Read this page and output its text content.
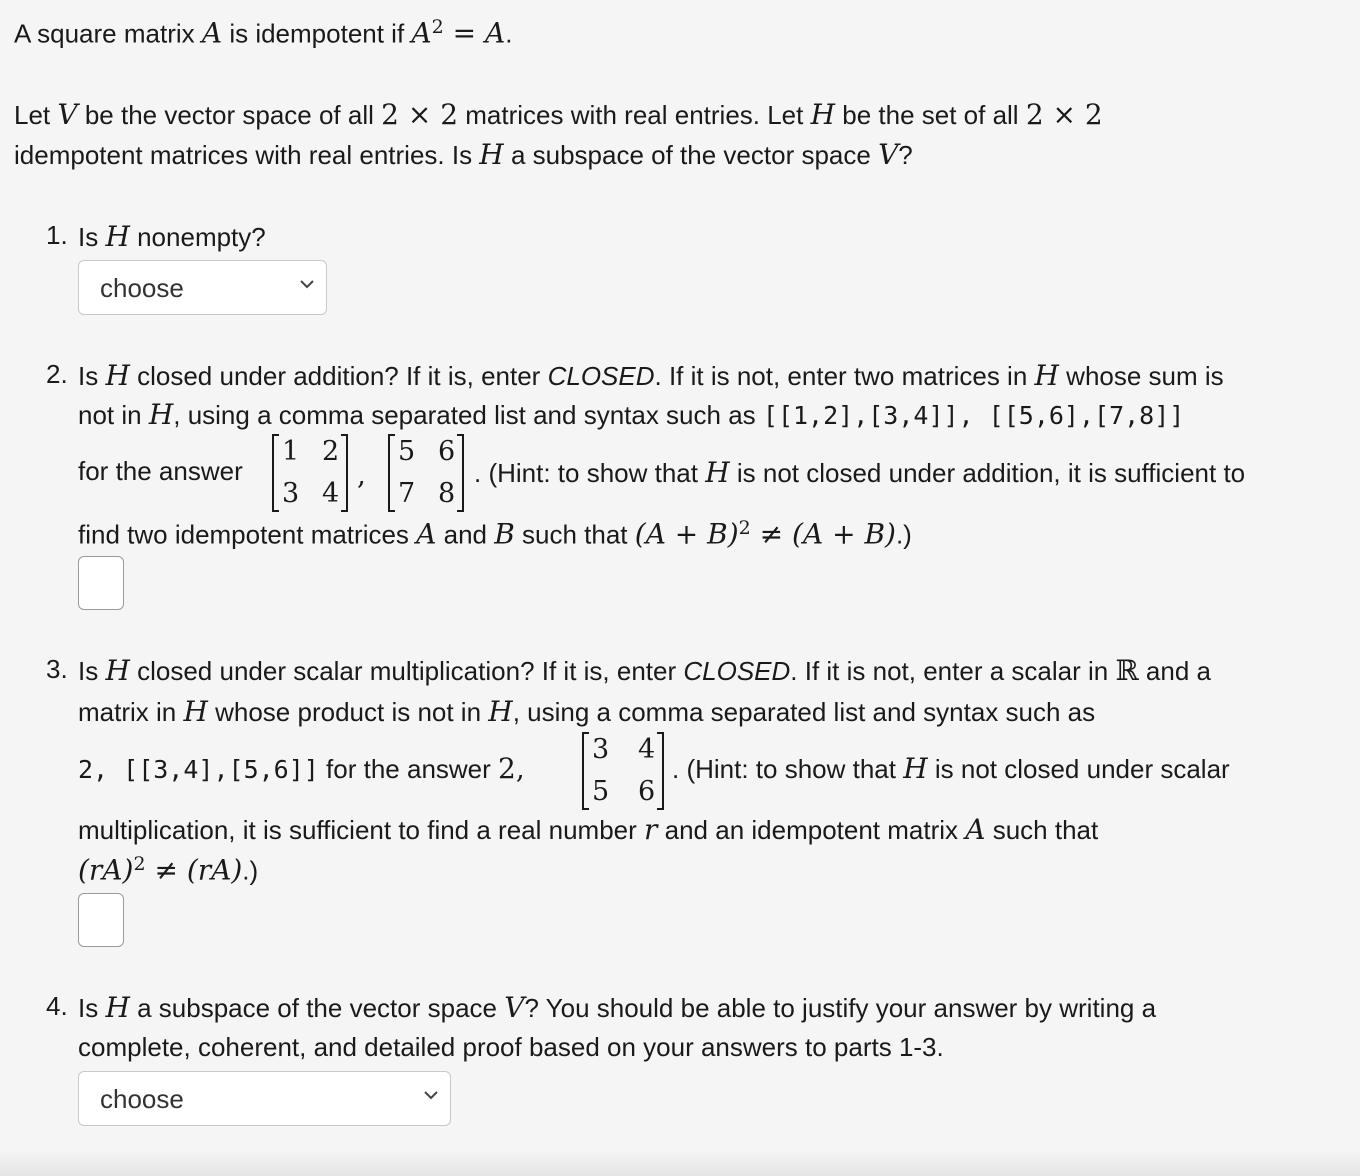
A square matrix A is idempotent if $A^2 = A$.
Let V be the vector space of all 2 × 2 matrices with real entries. Let H be the set of all 2 × 2
idempotent matrices with real entries. Is H a subspace of the vector space V?
1. Is H nonempty?
choose
2. Is H closed under addition? If it is, enter CLOSED. If it is not, enter two matrices in H whose sum is
not in H, using a comma separated list and syntax such as [[1,2],[3,4]], [[5,6],[7,8]]
for the answer
1 2
3 4
,
5 6
7 8
. (Hint: to show that H is not closed under addition, it is sufficient to
find two idempotent matrices A and B such that $(A + B)^2 \ne (A + B)$.)
3. Is H closed under scalar multiplication? If it is, enter CLOSED. If it is not, enter a scalar in ℝ and a
matrix in H whose product is not in H, using a comma separated list and syntax such as
2, [[3,4],[5,6]] for the answer 2,
3 4
5 6
. (Hint: to show that H is not closed under scalar
multiplication, it is sufficient to find a real number r and an idempotent matrix A such that
(rA)$^2$ ≠ (rA).)
4. Is H a subspace of the vector space V? You should be able to justify your answer by writing a
complete, coherent, and detailed proof based on your answers to parts 1-3.
choose
